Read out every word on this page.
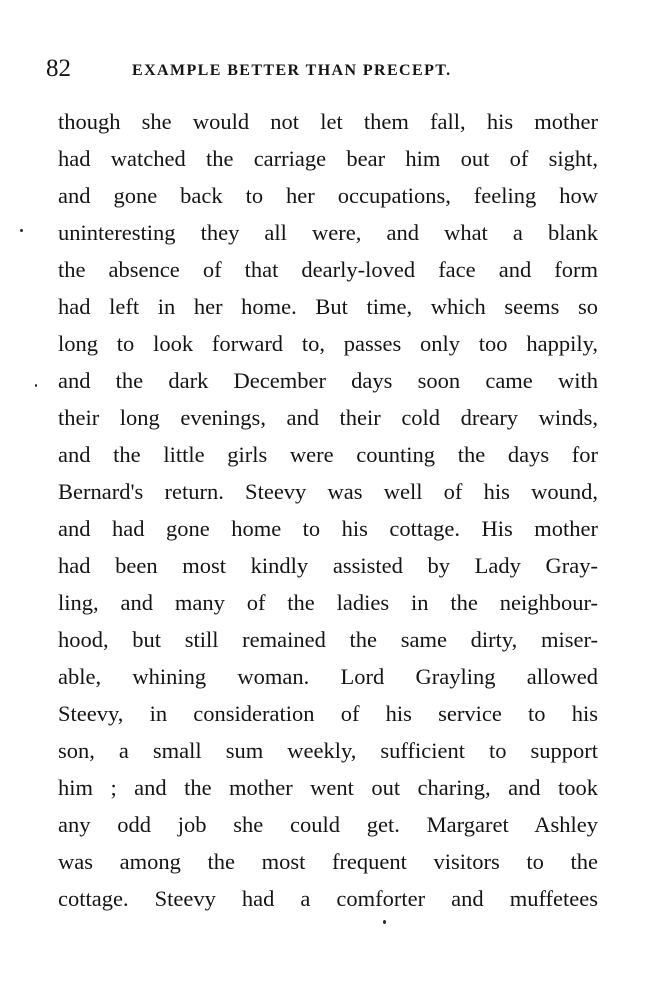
82	EXAMPLE BETTER THAN PRECEPT.
though she would not let them fall, his mother
had watched the carriage bear him out of sight,
and gone back to her occupations, feeling how
uninteresting they all were, and what a blank
the absence of that dearly-loved face and form
had left in her home. But time, which seems so
long to look forward to, passes only too happily,
and the dark December days soon came with
their long evenings, and their cold dreary winds,
and the little girls were counting the days for
Bernard's return. Steevy was well of his wound,
and had gone home to his cottage. His mother
had been most kindly assisted by Lady Gray-
ling, and many of the ladies in the neighbour-
hood, but still remained the same dirty, miser-
able, whining woman. Lord Grayling allowed
Steevy, in consideration of his service to his
son, a small sum weekly, sufficient to support
him ; and the mother went out charing, and took
any odd job she could get. Margaret Ashley
was among the most frequent visitors to the
cottage. Steevy had a comforter and muffetees
